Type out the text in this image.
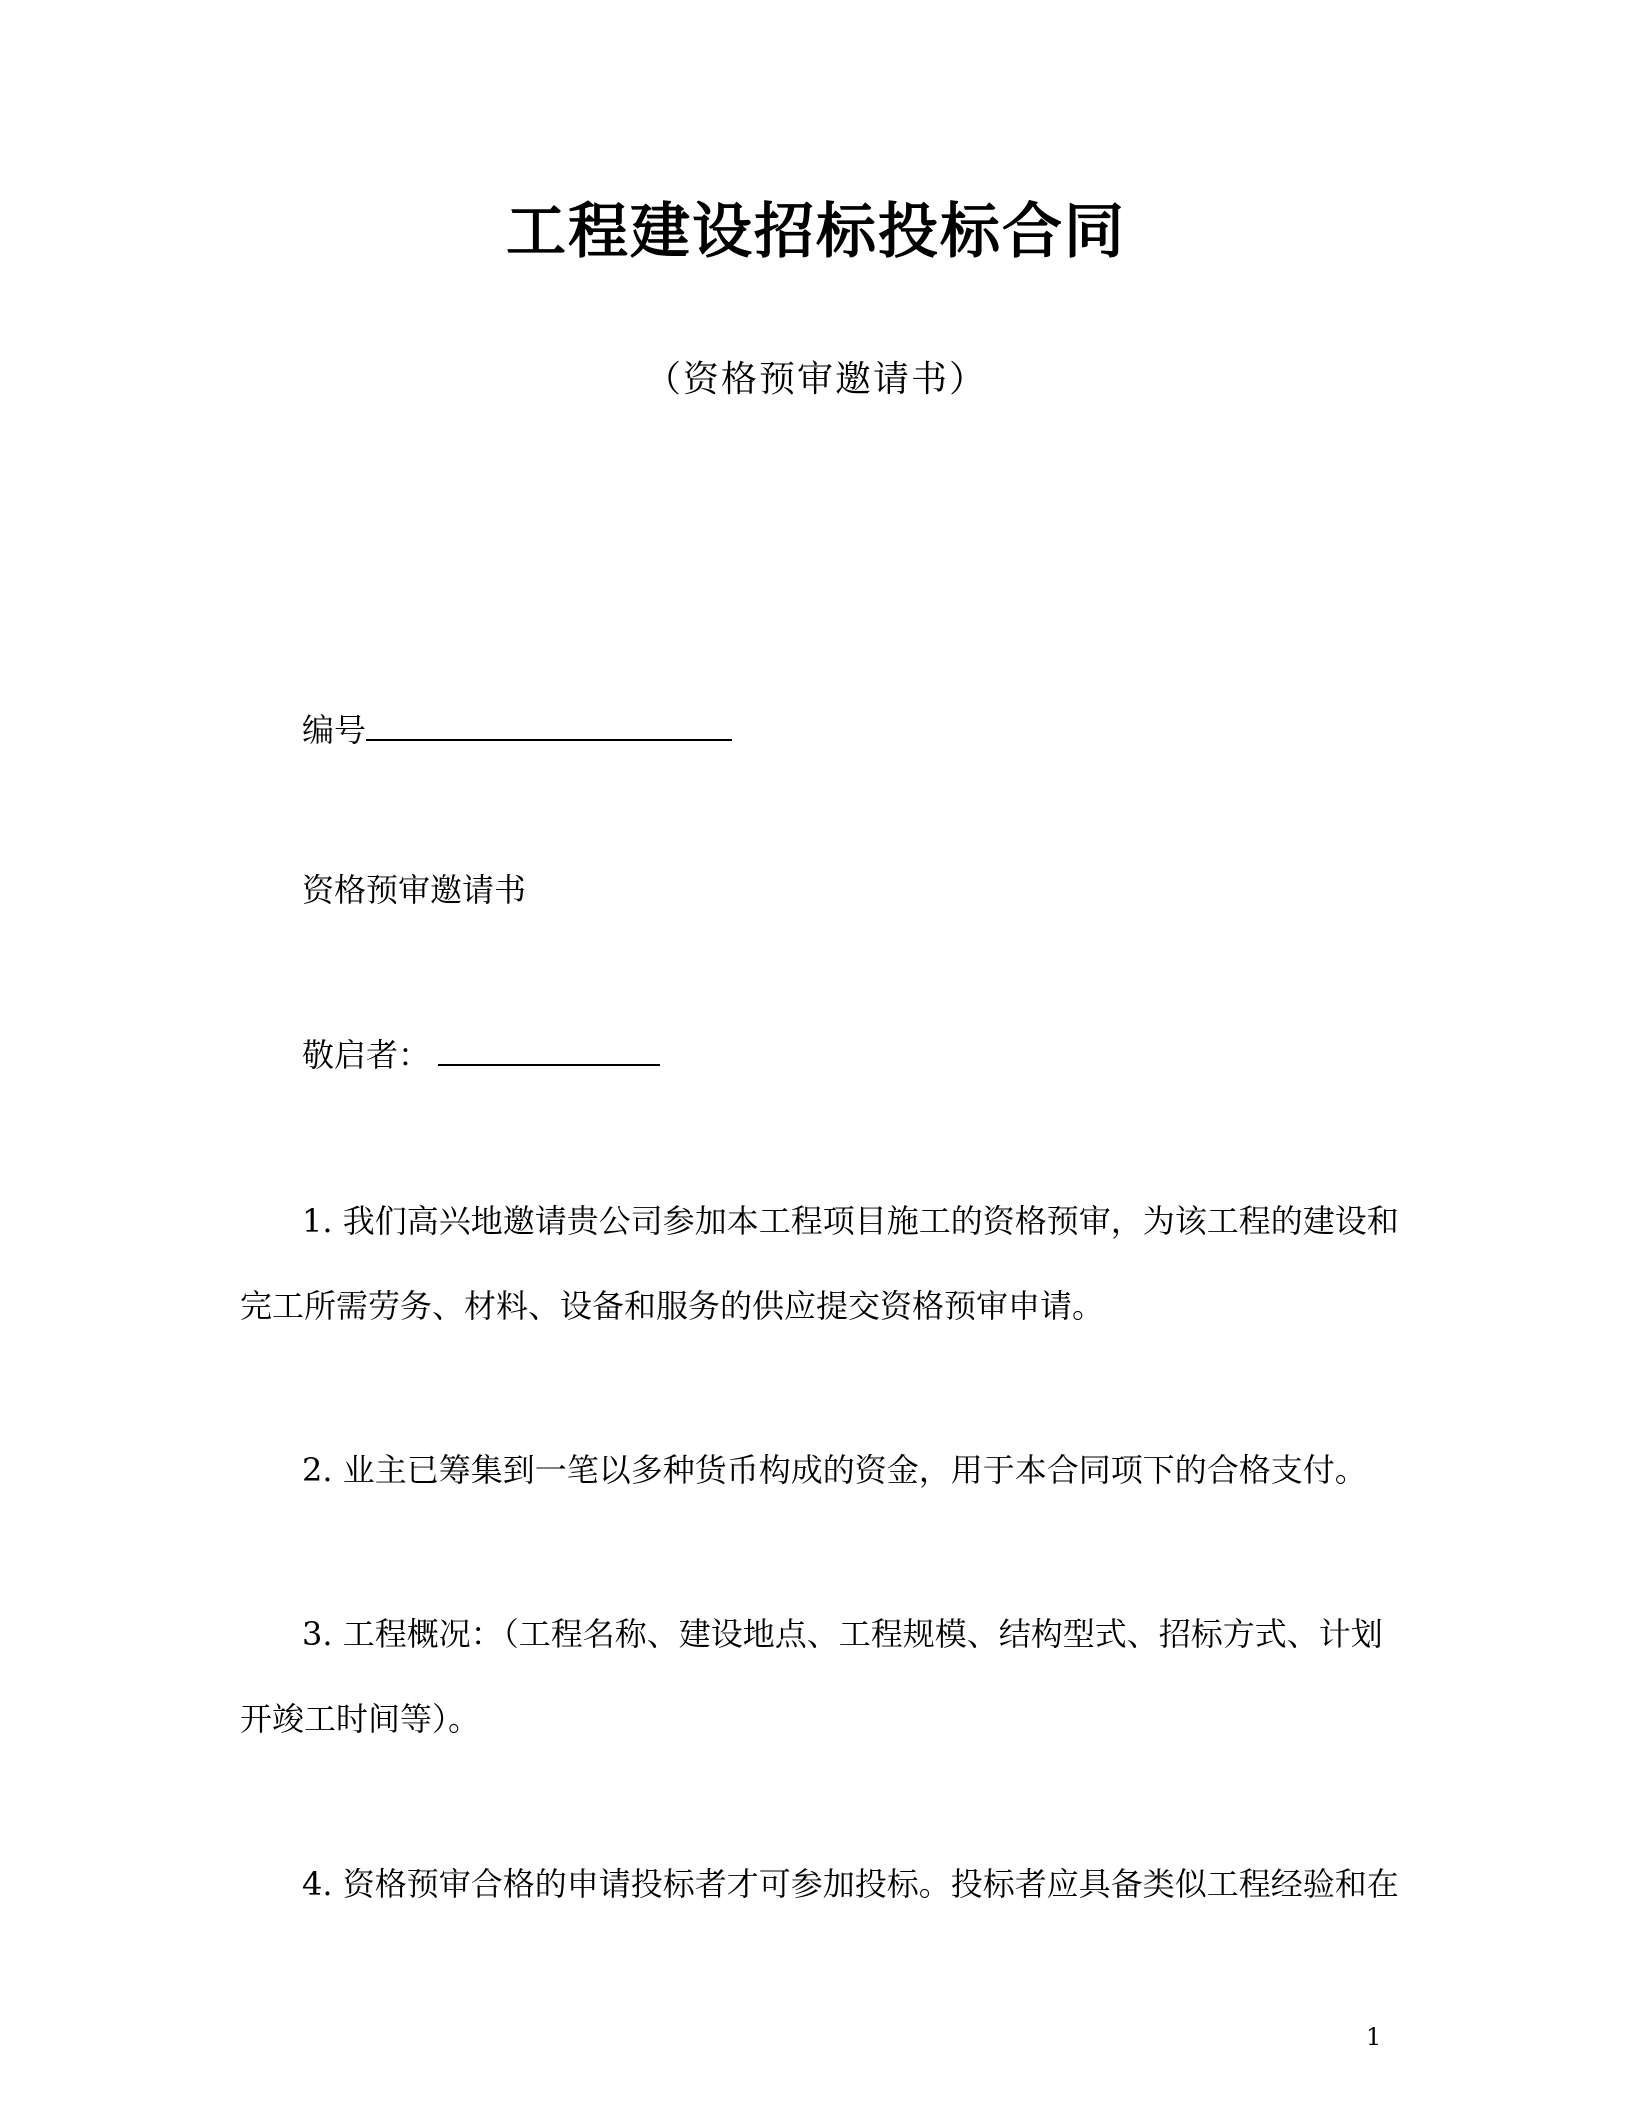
工程建设招标投标合同
（资格预审邀请书）
编号
资格预审邀请书
敬启者：
1. 我们高兴地邀请贵公司参加本工程项目施工的资格预审，为该工程的建设和
完工所需劳务、材料、设备和服务的供应提交资格预审申请。
2. 业主已筹集到一笔以多种货币构成的资金，用于本合同项下的合格支付。
3. 工程概况：（工程名称、建设地点、工程规模、结构型式、招标方式、计划
开竣工时间等）。
4. 资格预审合格的申请投标者才可参加投标。投标者应具备类似工程经验和在
1
